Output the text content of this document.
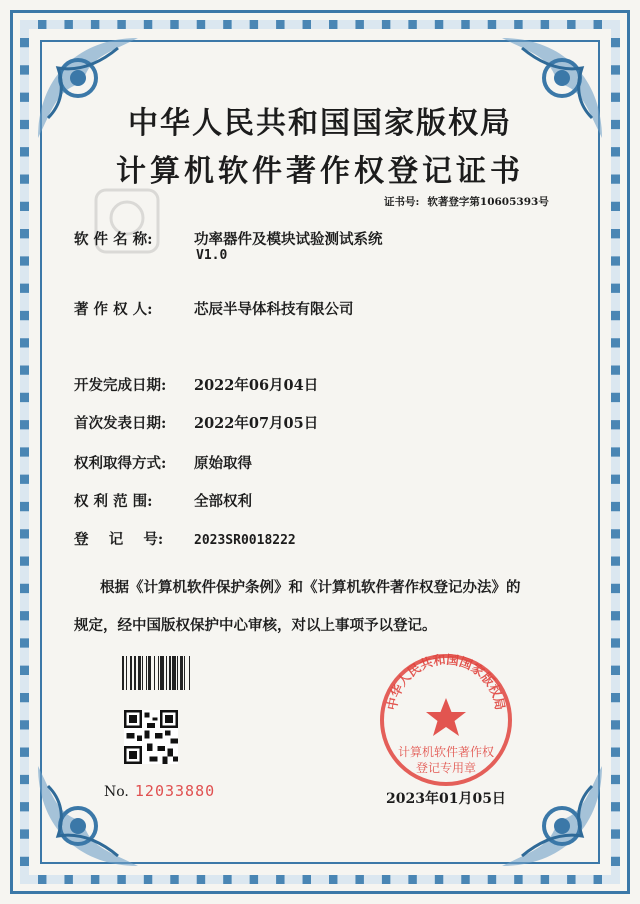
中华人民共和国国家版权局
计算机软件著作权登记证书
证书号: 软著登字第10605393号
软 件 名 称:	功率器件及模块试验测试系统
V1.0
著 作 权 人:	芯辰半导体科技有限公司
开发完成日期: 2022年06月04日
首次发表日期: 2022年07月05日
权利取得方式: 原始取得
权 利 范 围:	全部权利
登    记    号: 2023SR0018222
根据《计算机软件保护条例》和《计算机软件著作权登记办法》的
规定，经中国版权保护中心审核，对以上事项予以登记。
No. 12033880
中华人民共和国国家版权局
计算机软件著作权
登记专用章
2023年01月05日
